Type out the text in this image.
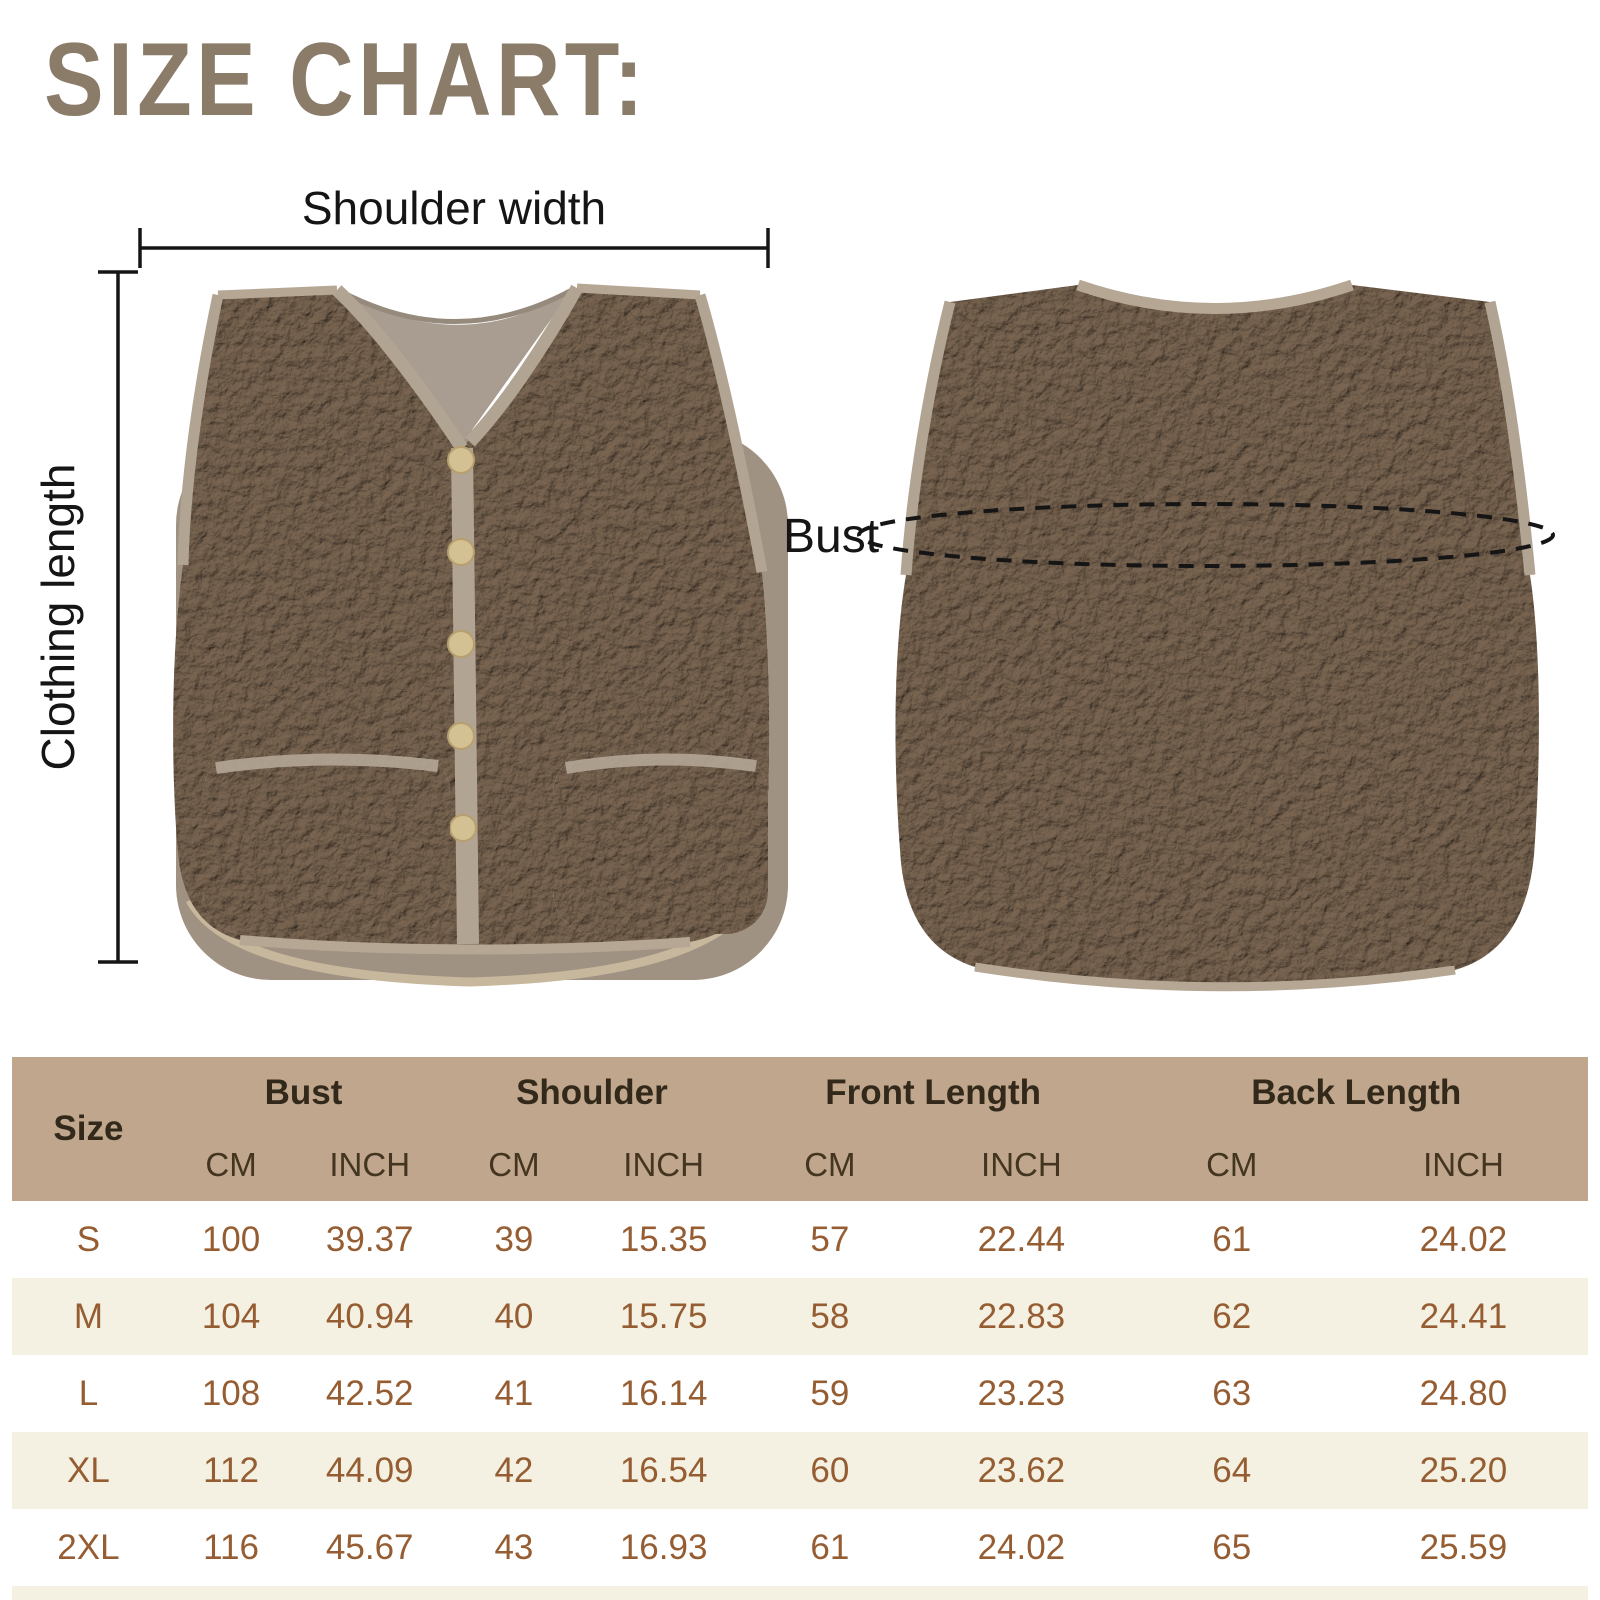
SIZE CHART:
Shoulder width
Clothing length	Bust
Size	Bust		Shoulder		Front Length		Back Length	
	CM	INCH	CM	INCH	CM	INCH	CM	INCH
S	100	39.37	39	15.35	57	22.44	61	24.02
M	104	40.94	40	15.75	58	22.83	62	24.41
L	108	42.52	41	16.14	59	23.23	63	24.80
XL	112	44.09	42	16.54	60	23.62	64	25.20
2XL	116	45.67	43	16.93	61	24.02	65	25.59
